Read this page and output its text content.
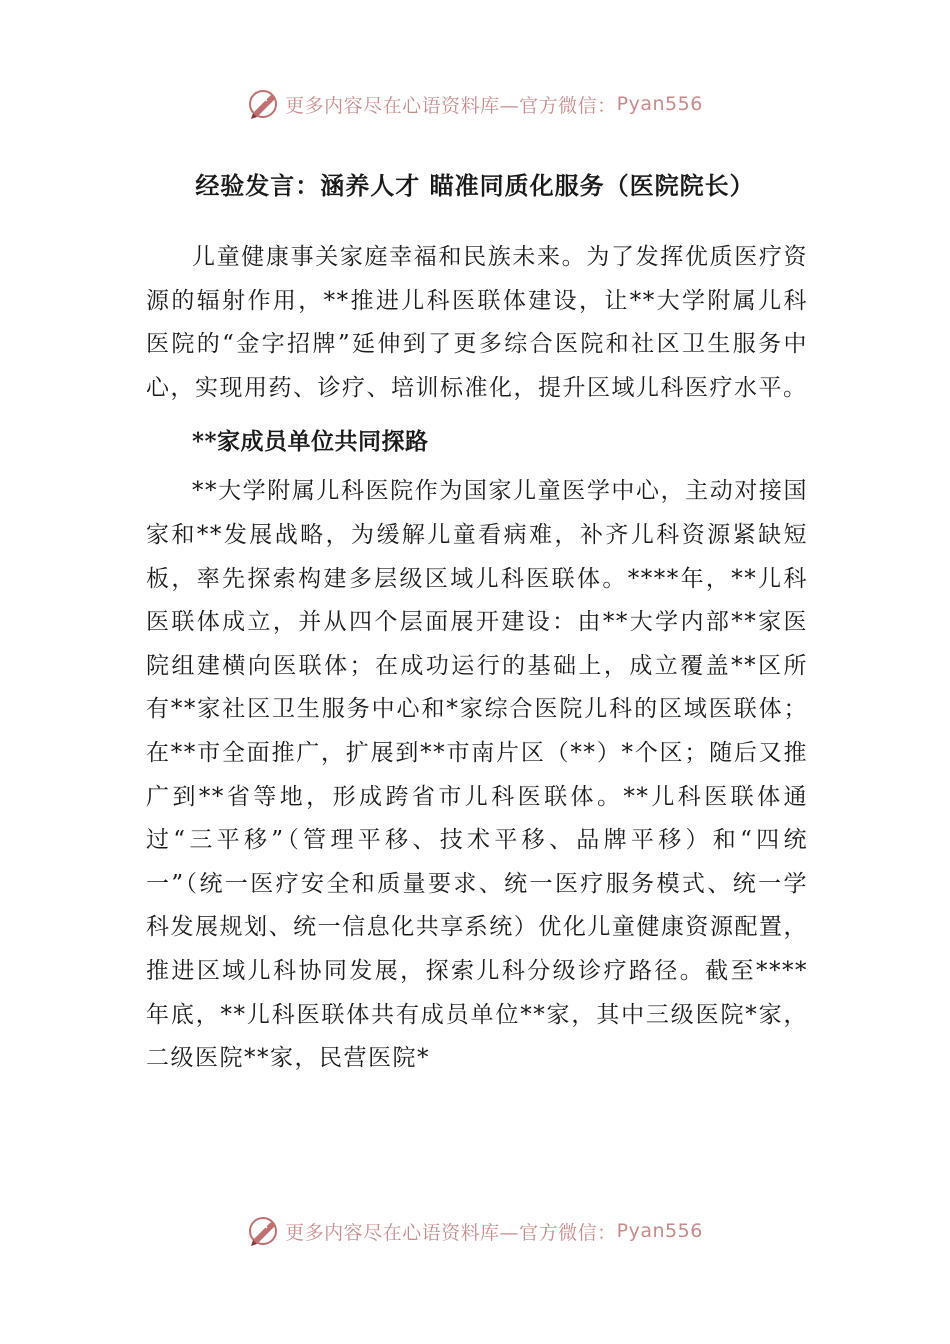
更多内容尽在心语资料库—官方微信： Pyan556
经验发言：涵养人才 瞄准同质化服务（医院院长）

儿童健康事关家庭幸福和民族未来。为了发挥优质医疗资源的辐射作用，**推进儿科医联体建设，让**大学附属儿科医院的“金字招牌”延伸到了更多综合医院和社区卫生服务中心，实现用药、诊疗、培训标准化，提升区域儿科医疗水平。

**家成员单位共同探路

**大学附属儿科医院作为国家儿童医学中心，主动对接国家和**发展战略，为缓解儿童看病难，补齐儿科资源紧缺短板，率先探索构建多层级区域儿科医联体。****年，**儿科医联体成立，并从四个层面展开建设：由**大学内部**家医院组建横向医联体；在成功运行的基础上，成立覆盖**区所有**家社区卫生服务中心和*家综合医院儿科的区域医联体；在**市全面推广，扩展到**市南片区（**）*个区；随后又推广到**省等地，形成跨省市儿科医联体。**儿科医联体通过“三平移”（管理平移、技术平移、品牌平移）和“四统一”（统一医疗安全和质量要求、统一医疗服务模式、统一学科发展规划、统一信息化共享系统）优化儿童健康资源配置，推进区域儿科协同发展，探索儿科分级诊疗路径。截至****年底，**儿科医联体共有成员单位**家，其中三级医院*家，二级医院**家，民营医院*

更多内容尽在心语资料库—官方微信： Pyan556
